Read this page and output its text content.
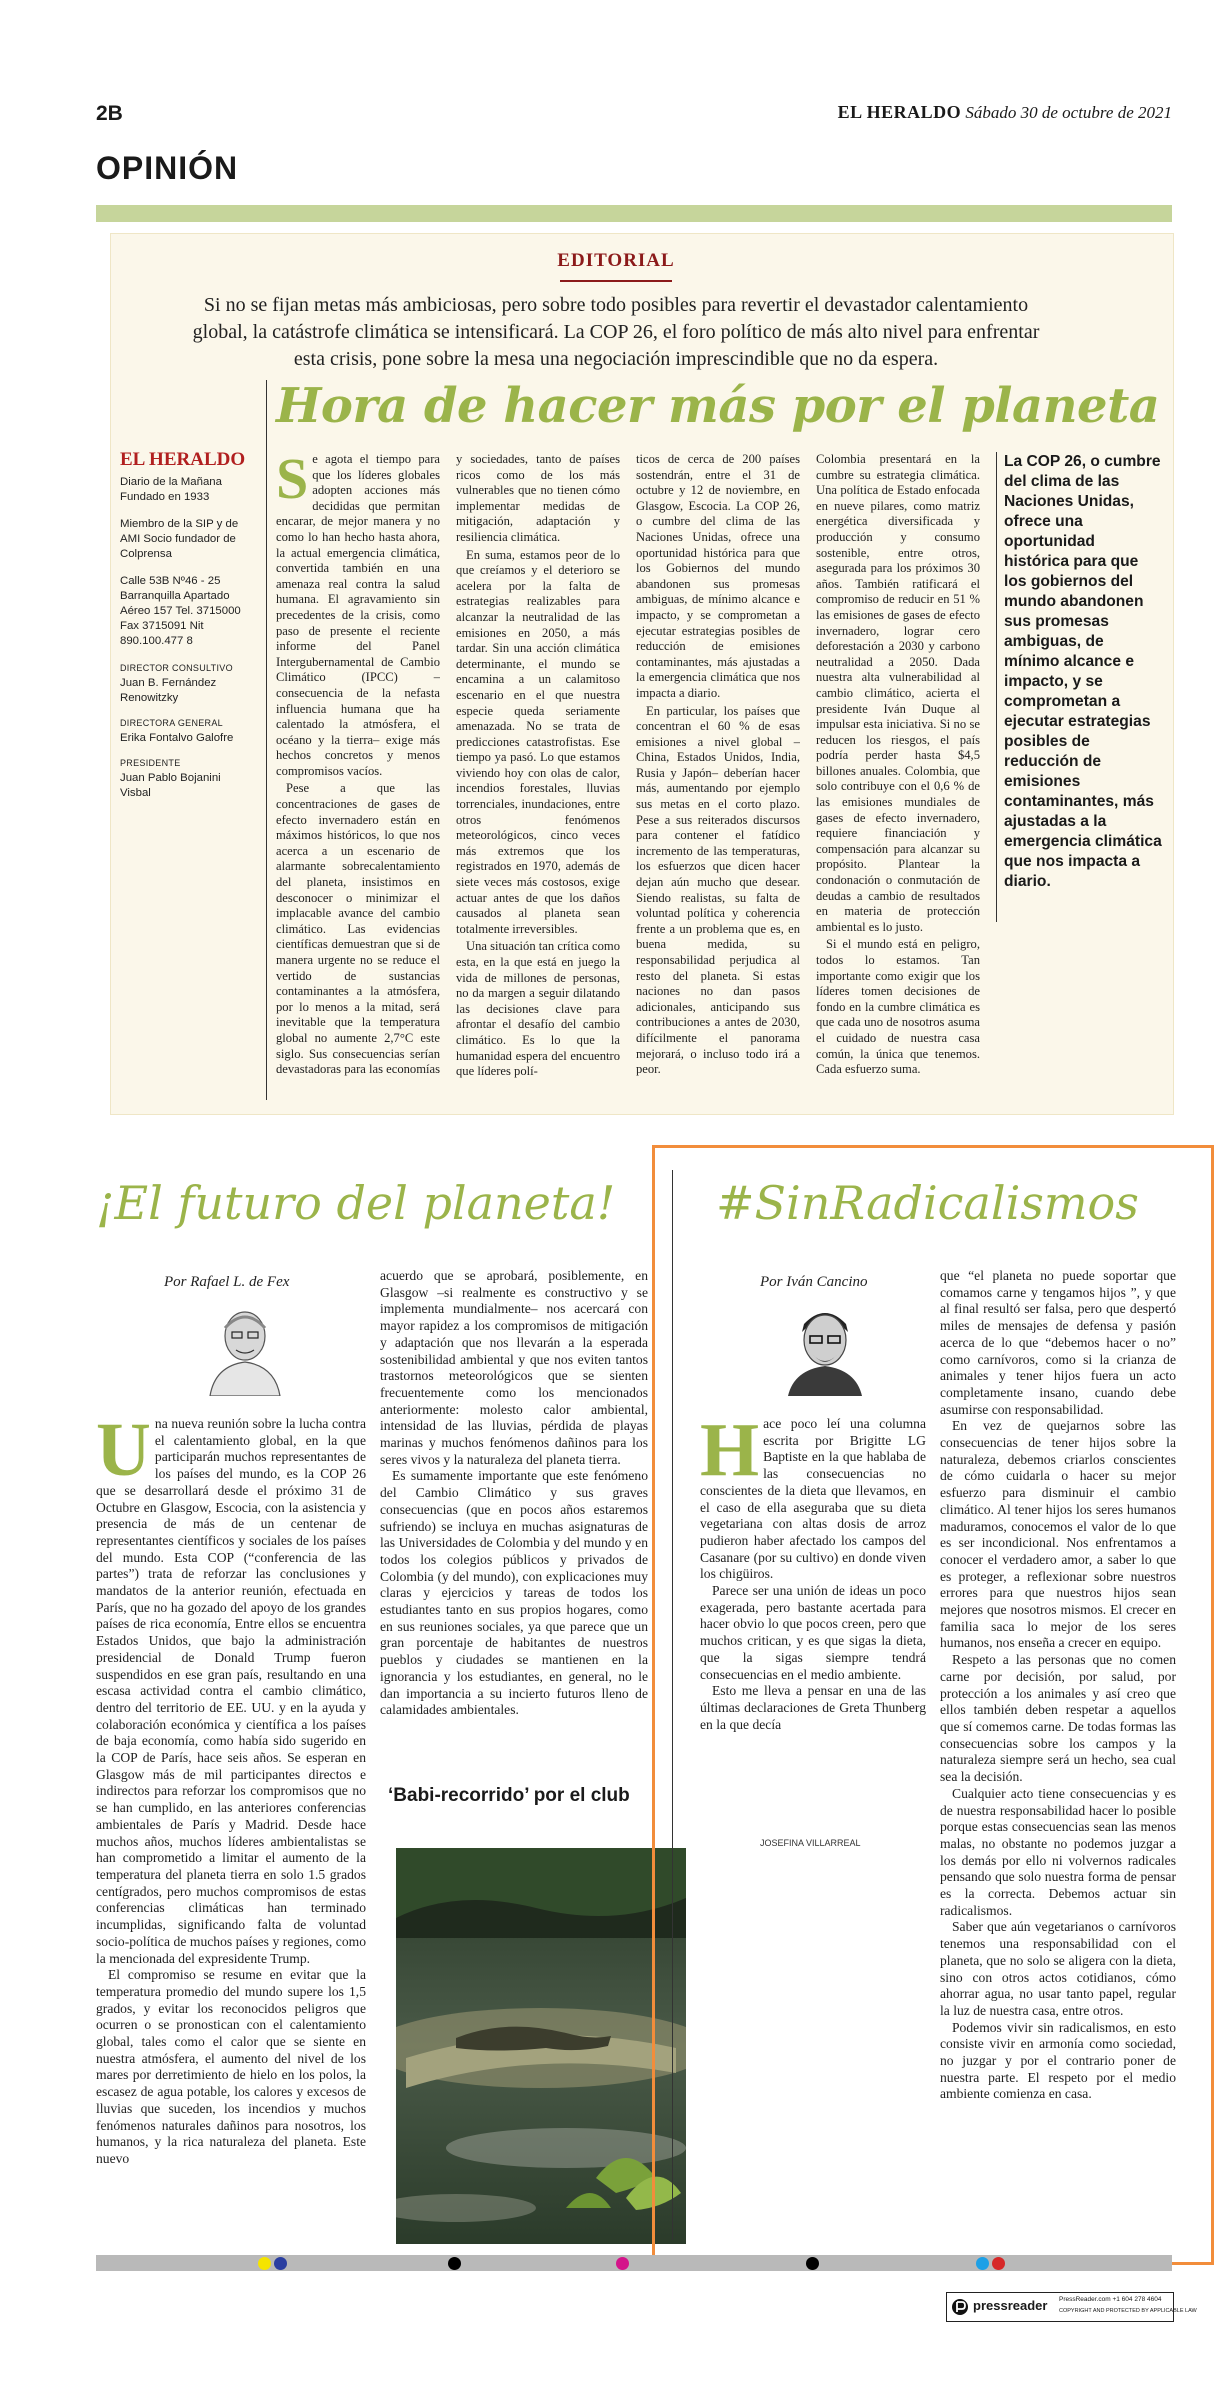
2B	EL HERALDO Sábado 30 de octubre de 2021
OPINIÓN
EDITORIAL
Si no se fijan metas más ambiciosas, pero sobre todo posibles para revertir el devastador calentamiento global, la catástrofe climática se intensificará. La COP 26, el foro político de más alto nivel para enfrentar esta crisis, pone sobre la mesa una negociación imprescindible que no da espera.
Hora de hacer más por el planeta
EL HERALDO
Diario de la Mañana Fundado en 1933
Miembro de la SIP y de AMI Socio fundador de Colprensa
Calle 53B Nº46 - 25 Barranquilla Apartado Aéreo 157 Tel. 3715000 Fax 3715091 Nit 890.100.477 8
DIRECTOR CONSULTIVO
Juan B. Fernández Renowitzky
DIRECTORA GENERAL
Erika Fontalvo Galofre
PRESIDENTE
Juan Pablo Bojanini Visbal

Se agota el tiempo para que los líderes globales adopten acciones más decididas que permitan encarar, de mejor manera y no como lo han hecho hasta ahora, la actual emergencia climática, convertida también en una amenaza real contra la salud humana. El agravamiento sin precedentes de la crisis, como paso de presente el reciente informe del Panel Intergubernamental de Cambio Climático (IPCC) –consecuencia de la nefasta influencia humana que ha calentado la atmósfera, el océano y la tierra– exige más hechos concretos y menos compromisos vacíos.

Pese a que las concentraciones de gases de efecto invernadero están en máximos históricos, lo que nos acerca a un escenario de alarmante sobrecalentamiento del planeta, insistimos en desconocer o minimizar el implacable avance del cambio climático. Las evidencias científicas demuestran que si de manera urgente no se reduce el vertido de sustancias contaminantes a la atmósfera, por lo menos a la mitad, será inevitable que la temperatura global no aumente 2,7°C este siglo. Sus consecuencias serían devastadoras para las economías

y sociedades, tanto de países ricos como de los más vulnerables que no tienen cómo implementar medidas de mitigación, adaptación y resiliencia climática.

En suma, estamos peor de lo que creíamos y el deterioro se acelera por la falta de estrategias realizables para alcanzar la neutralidad de las emisiones en 2050, a más tardar. Sin una acción climática determinante, el mundo se encamina a un calamitoso escenario en el que nuestra especie queda seriamente amenazada. No se trata de predicciones catastrofistas. Ese tiempo ya pasó. Lo que estamos viviendo hoy con olas de calor, incendios forestales, lluvias torrenciales, inundaciones, entre otros fenómenos meteorológicos, cinco veces más extremos que los registrados en 1970, además de siete veces más costosos, exige actuar antes de que los daños causados al planeta sean totalmente irreversibles.

Una situación tan crítica como esta, en la que está en juego la vida de millones de personas, no da margen a seguir dilatando las decisiones clave para afrontar el desafío del cambio climático. Es lo que la humanidad espera del encuentro que líderes polí-

ticos de cerca de 200 países sostendrán, entre el 31 de octubre y 12 de noviembre, en Glasgow, Escocia. La COP 26, o cumbre del clima de las Naciones Unidas, ofrece una oportunidad histórica para que los Gobiernos del mundo abandonen sus promesas ambiguas, de mínimo alcance e impacto, y se comprometan a ejecutar estrategias posibles de reducción de emisiones contaminantes, más ajustadas a la emergencia climática que nos impacta a diario.

En particular, los países que concentran el 60 % de esas emisiones a nivel global –China, Estados Unidos, India, Rusia y Japón– deberían hacer más, aumentando por ejemplo sus metas en el corto plazo. Pese a sus reiterados discursos para contener el fatídico incremento de las temperaturas, los esfuerzos que dicen hacer dejan aún mucho que desear. Siendo realistas, su falta de voluntad política y coherencia frente a un problema que es, en buena medida, su responsabilidad perjudica al resto del planeta. Si estas naciones no dan pasos adicionales, anticipando sus contribuciones a antes de 2030, difícilmente el panorama mejorará, o incluso todo irá a peor.

Colombia presentará en la cumbre su estrategia climática. Una política de Estado enfocada en nueve pilares, como matriz energética diversificada y producción y consumo sostenible, entre otros, asegurada para los próximos 30 años. También ratificará el compromiso de reducir en 51 % las emisiones de gases de efecto invernadero, lograr cero deforestación a 2030 y carbono neutralidad a 2050. Dada nuestra alta vulnerabilidad al cambio climático, acierta el presidente Iván Duque al impulsar esta iniciativa. Si no se reducen los riesgos, el país podría perder hasta $4,5 billones anuales. Colombia, que solo contribuye con el 0,6 % de las emisiones mundiales de gases de efecto invernadero, requiere financiación y compensación para alcanzar su propósito. Plantear la condonación o conmutación de deudas a cambio de resultados en materia de protección ambiental es lo justo.

Si el mundo está en peligro, todos lo estamos. Tan importante como exigir que los líderes tomen decisiones de fondo en la cumbre climática es que cada uno de nosotros asuma el cuidado de nuestra casa común, la única que tenemos. Cada esfuerzo suma.

La COP 26, o cumbre del clima de las Naciones Unidas, ofrece una oportunidad histórica para que los gobiernos del mundo abandonen sus promesas ambiguas, de mínimo alcance e impacto, y se comprometan a ejecutar estrategias posibles de reducción de emisiones contaminantes, más ajustadas a la emergencia climática que nos impacta a diario.
¡El futuro del planeta!
Por Rafael L. de Fex

Una nueva reunión sobre la lucha contra el calentamiento global, en la que participarán muchos representantes de los países del mundo, es la COP 26 que se desarrollará desde el próximo 31 de Octubre en Glasgow, Escocia, con la asistencia y presencia de más de un centenar de representantes científicos y sociales de los países del mundo. Esta COP (“conferencia de las partes”) trata de reforzar las conclusiones y mandatos de la anterior reunión, efectuada en París, que no ha gozado del apoyo de los grandes países de rica economía, Entre ellos se encuentra Estados Unidos, que bajo la administración presidencial de Donald Trump fueron suspendidos en ese gran país, resultando en una escasa actividad contra el cambio climático, dentro del territorio de EE. UU. y en la ayuda y colaboración económica y científica a los países de baja economía, como había sido sugerido en la COP de París, hace seis años. Se esperan en Glasgow más de mil participantes directos e indirectos para reforzar los compromisos que no se han cumplido, en las anteriores conferencias ambientales de París y Madrid. Desde hace muchos años, muchos líderes ambientalistas se han comprometido a limitar el aumento de la temperatura del planeta tierra en solo 1.5 grados centígrados, pero muchos compromisos de estas conferencias climáticas han terminado incumplidas, significando falta de voluntad socio-política de muchos países y regiones, como la mencionada del expresidente Trump.

El compromiso se resume en evitar que la temperatura promedio del mundo supere los 1,5 grados, y evitar los reconocidos peligros que ocurren o se pronostican con el calentamiento global, tales como el calor que se siente en nuestra atmósfera, el aumento del nivel de los mares por derretimiento de hielo en los polos, la escasez de agua potable, los calores y excesos de lluvias que suceden, los incendios y muchos fenómenos naturales dañinos para nosotros, los humanos, y la rica naturaleza del planeta. Este nuevo

acuerdo que se aprobará, posiblemente, en Glasgow –si realmente es constructivo y se implementa mundialmente– nos acercará con mayor rapidez a los compromisos de mitigación y adaptación que nos llevarán a la esperada sostenibilidad ambiental y que nos eviten tantos trastornos meteorológicos que se sienten frecuentemente como los mencionados anteriormente: molesto calor ambiental, intensidad de las lluvias, pérdida de playas marinas y muchos fenómenos dañinos para los seres vivos y la naturaleza del planeta tierra.

Es sumamente importante que este fenómeno del Cambio Climático y sus graves consecuencias (que en pocos años estaremos sufriendo) se incluya en muchas asignaturas de las Universidades de Colombia y del mundo y en todos los colegios públicos y privados de Colombia (y del mundo), con explicaciones muy claras y ejercicios y tareas de todos los estudiantes tanto en sus propios hogares, como en sus reuniones sociales, ya que parece que un gran porcentaje de habitantes de nuestros pueblos y ciudades se mantienen en la ignorancia y los estudiantes, en general, no le dan importancia a su incierto futuros lleno de calamidades ambientales.

‘Babi-recorrido’ por el club
JOSEFINA VILLARREAL
#SinRadicalismos
Por Iván Cancino

Hace poco leí una columna escrita por Brigitte LG Baptiste en la que hablaba de las consecuencias no conscientes de la dieta que llevamos, en el caso de ella aseguraba que su dieta vegetariana con altas dosis de arroz pudieron haber afectado los campos del Casanare (por su cultivo) en donde viven los chigüiros.

Parece ser una unión de ideas un poco exagerada, pero bastante acertada para hacer obvio lo que pocos creen, pero que muchos critican, y es que sigas la dieta, que la sigas siempre tendrá consecuencias en el medio ambiente.

Esto me lleva a pensar en una de las últimas declaraciones de Greta Thunberg en la que decía

que “el planeta no puede soportar que comamos carne y tengamos hijos ”, y que al final resultó ser falsa, pero que despertó miles de mensajes de defensa y pasión acerca de lo que “debemos hacer o no” como carnívoros, como si la crianza de animales y tener hijos fuera un acto completamente insano, cuando debe asumirse con responsabilidad.

En vez de quejarnos sobre las consecuencias de tener hijos sobre la naturaleza, debemos criarlos conscientes de cómo cuidarla o hacer su mejor esfuerzo para disminuir el cambio climático. Al tener hijos los seres humanos maduramos, conocemos el valor de lo que es ser incondicional. Nos enfrentamos a conocer el verdadero amor, a saber lo que es proteger, a reflexionar sobre nuestros errores para que nuestros hijos sean mejores que nosotros mismos. El crecer en familia saca lo mejor de los seres humanos, nos enseña a crecer en equipo.

Respeto a las personas que no comen carne por decisión, por salud, por protección a los animales y así creo que ellos también deben respetar a aquellos que sí comemos carne. De todas formas las consecuencias sobre los campos y la naturaleza siempre será un hecho, sea cual sea la decisión.

Cualquier acto tiene consecuencias y es de nuestra responsabilidad hacer lo posible porque estas consecuencias sean las menos malas, no obstante no podemos juzgar a los demás por ello ni volvernos radicales pensando que solo nuestra forma de pensar es la correcta. Debemos actuar sin radicalismos.

Saber que aún vegetarianos o carnívoros tenemos una responsabilidad con el planeta, que no solo se aligera con la dieta, sino con otros actos cotidianos, cómo ahorrar agua, no usar tanto papel, regular la luz de nuestra casa, entre otros.

Podemos vivir sin radicalismos, en esto consiste vivir en armonía como sociedad, no juzgar y por el contrario poner de nuestra parte. El respeto por el medio ambiente comienza en casa.

pressreader PressReader.com +1 604 278 4604
COPYRIGHT AND PROTECTED BY APPLICABLE LAW
